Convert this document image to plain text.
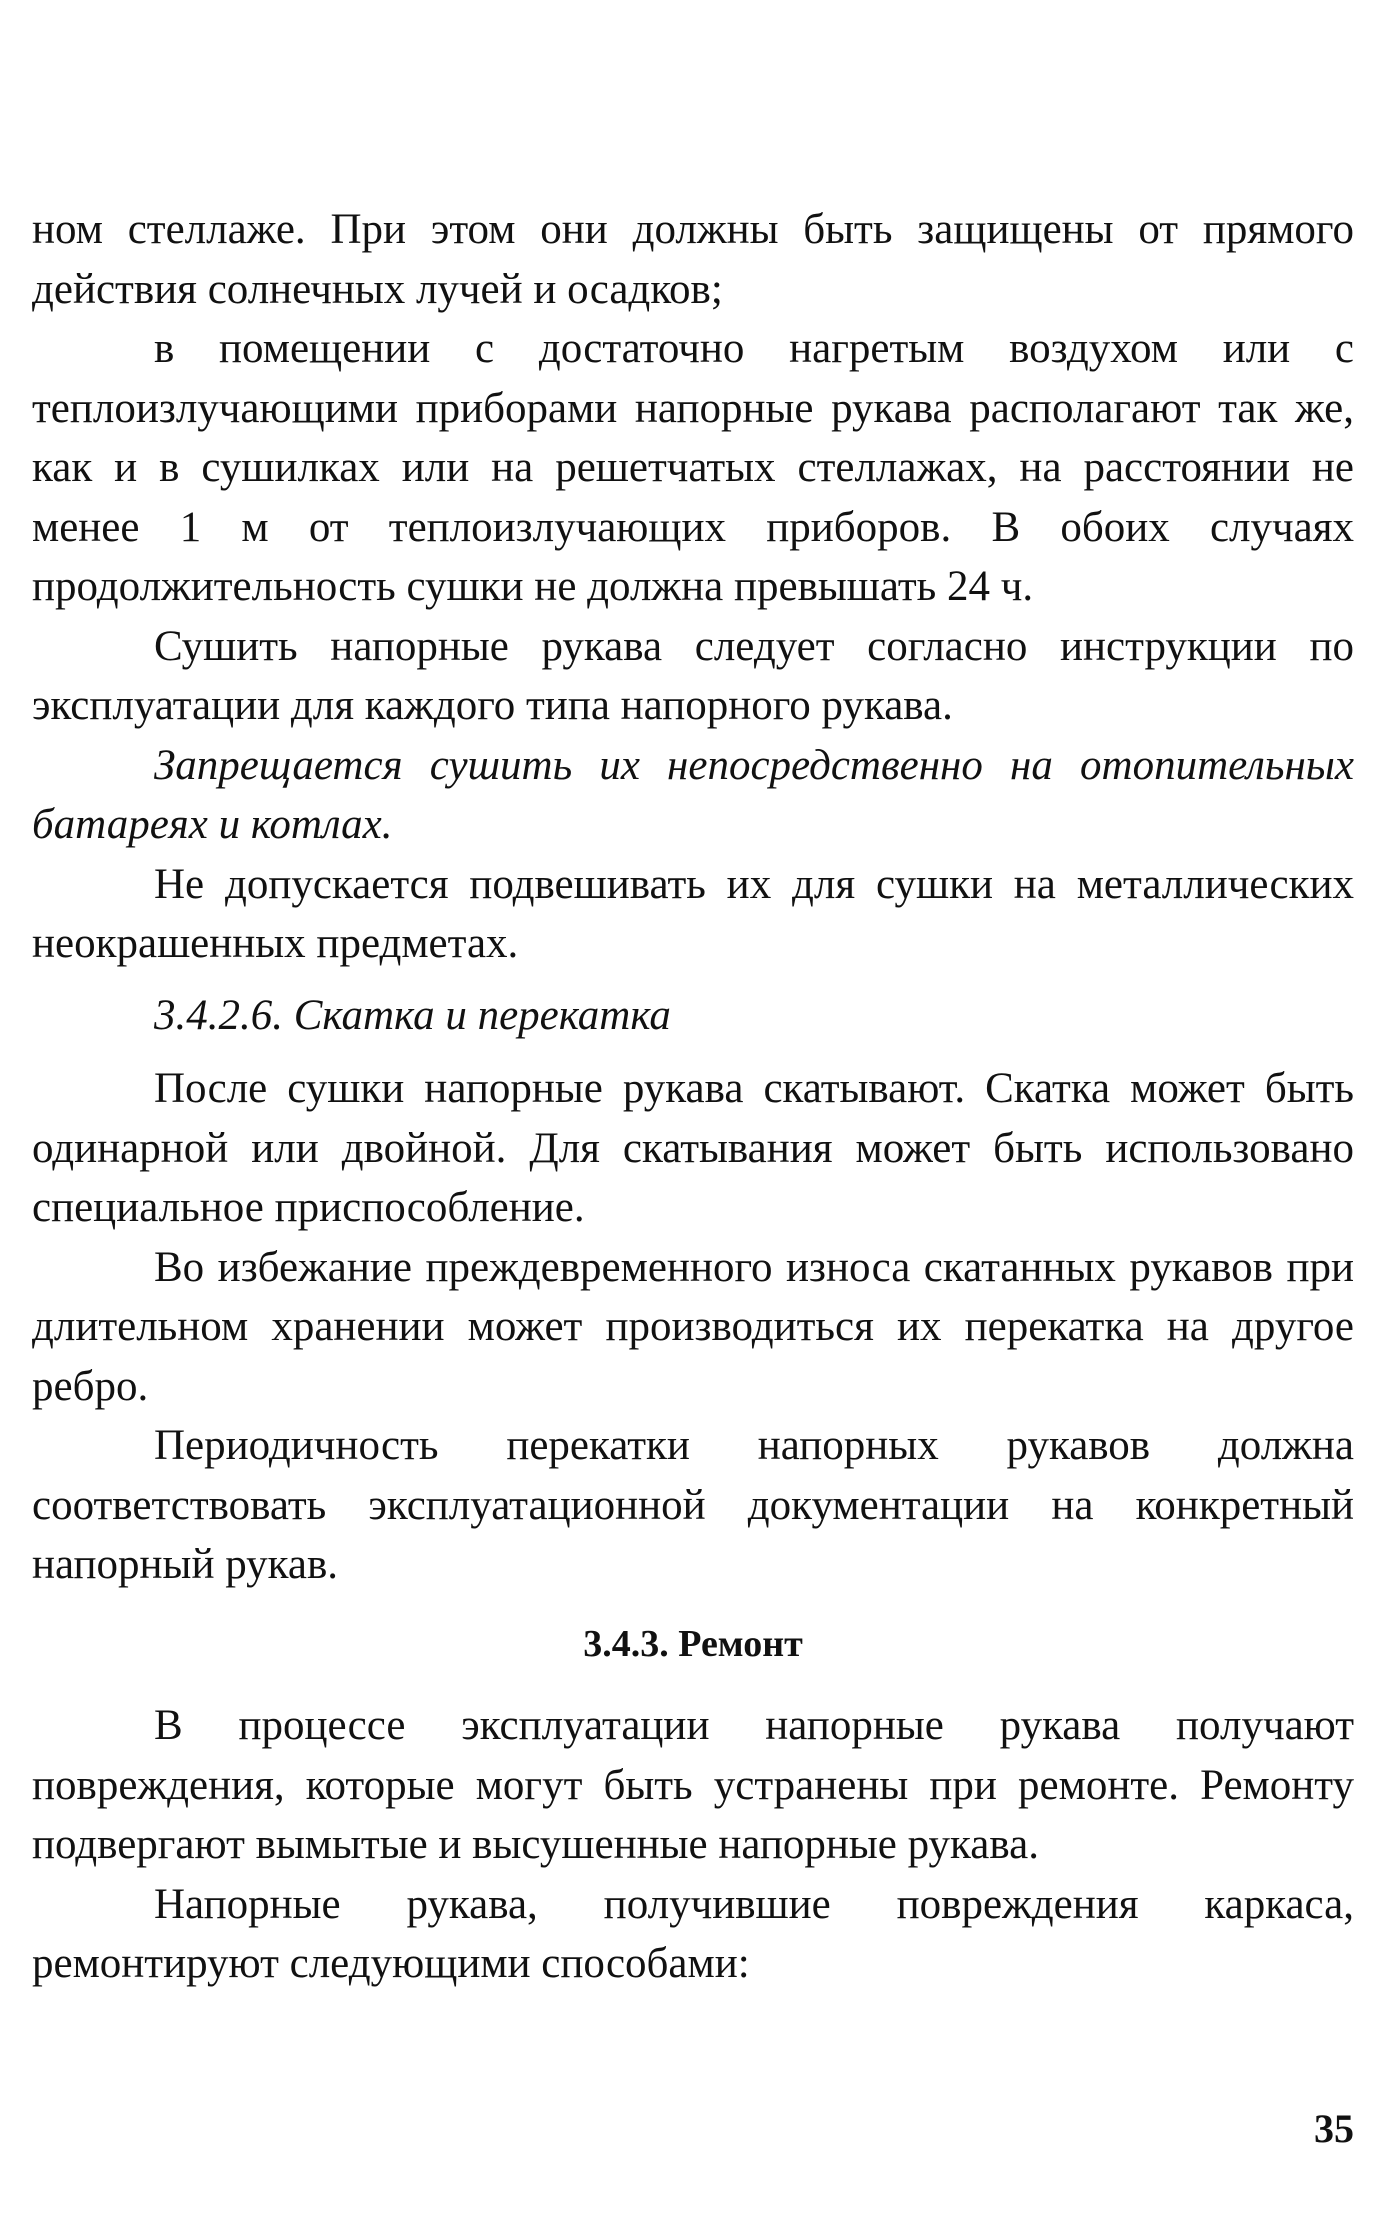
ном стеллаже. При этом они должны быть защищены от прямого действия солнечных лучей и осадков;

в помещении с достаточно нагретым воздухом или с теплоизлучающими приборами напорные рукава располагают так же, как и в сушилках или на решетчатых стеллажах, на расстоянии не менее 1 м от теплоизлучающих приборов. В обоих случаях продолжительность сушки не должна превышать 24 ч.

Сушить напорные рукава следует согласно инструкции по эксплуатации для каждого типа напорного рукава.

Запрещается сушить их непосредственно на отопительных батареях и котлах.

Не допускается подвешивать их для сушки на металлических неокрашенных предметах.

3.4.2.6. Скатка и перекатка

После сушки напорные рукава скатывают. Скатка может быть одинарной или двойной. Для скатывания может быть использовано специальное приспособление.

Во избежание преждевременного износа скатанных рукавов при длительном хранении может производиться их перекатка на другое ребро.

Периодичность перекатки напорных рукавов должна соответствовать эксплуатационной документации на конкретный напорный рукав.

3.4.3. Ремонт

В процессе эксплуатации напорные рукава получают повреждения, которые могут быть устранены при ремонте. Ремонту подвергают вымытые и высушенные напорные рукава.

Напорные рукава, получившие повреждения каркаса, ремонтируют следующими способами:

35
